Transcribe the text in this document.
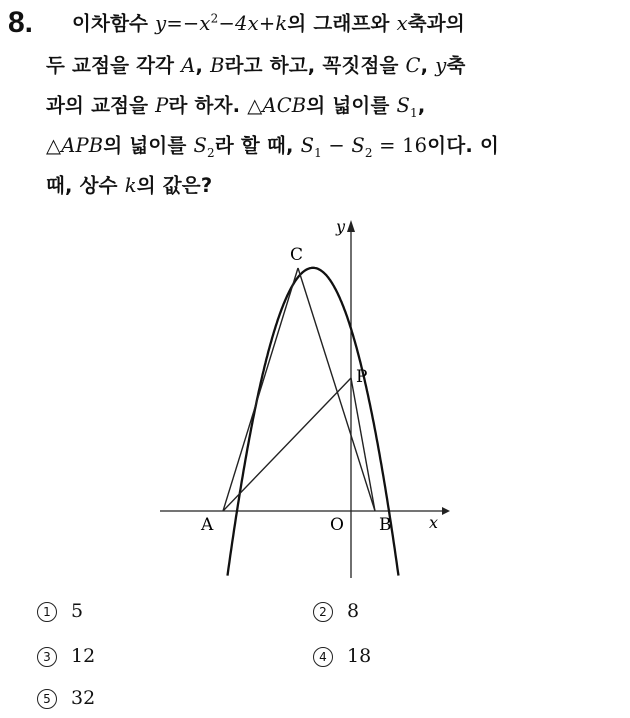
8. 이차함수 $y=-x^2-4x+k$의 그래프와 x축과의
두 교점을 각각 A, B라고 하고, 꼭짓점을 C, y축
과의 교점을 P라 하자. △ACB의 넓이를 $S_1$,
△APB의 넓이를 $S_2$라 할 때, $S_1 - S_2 = 16$이다. 이
때, 상수 k의 값은?
C
P
A	O B x
y
1 5	2 8
3 12	4 18
5 32
